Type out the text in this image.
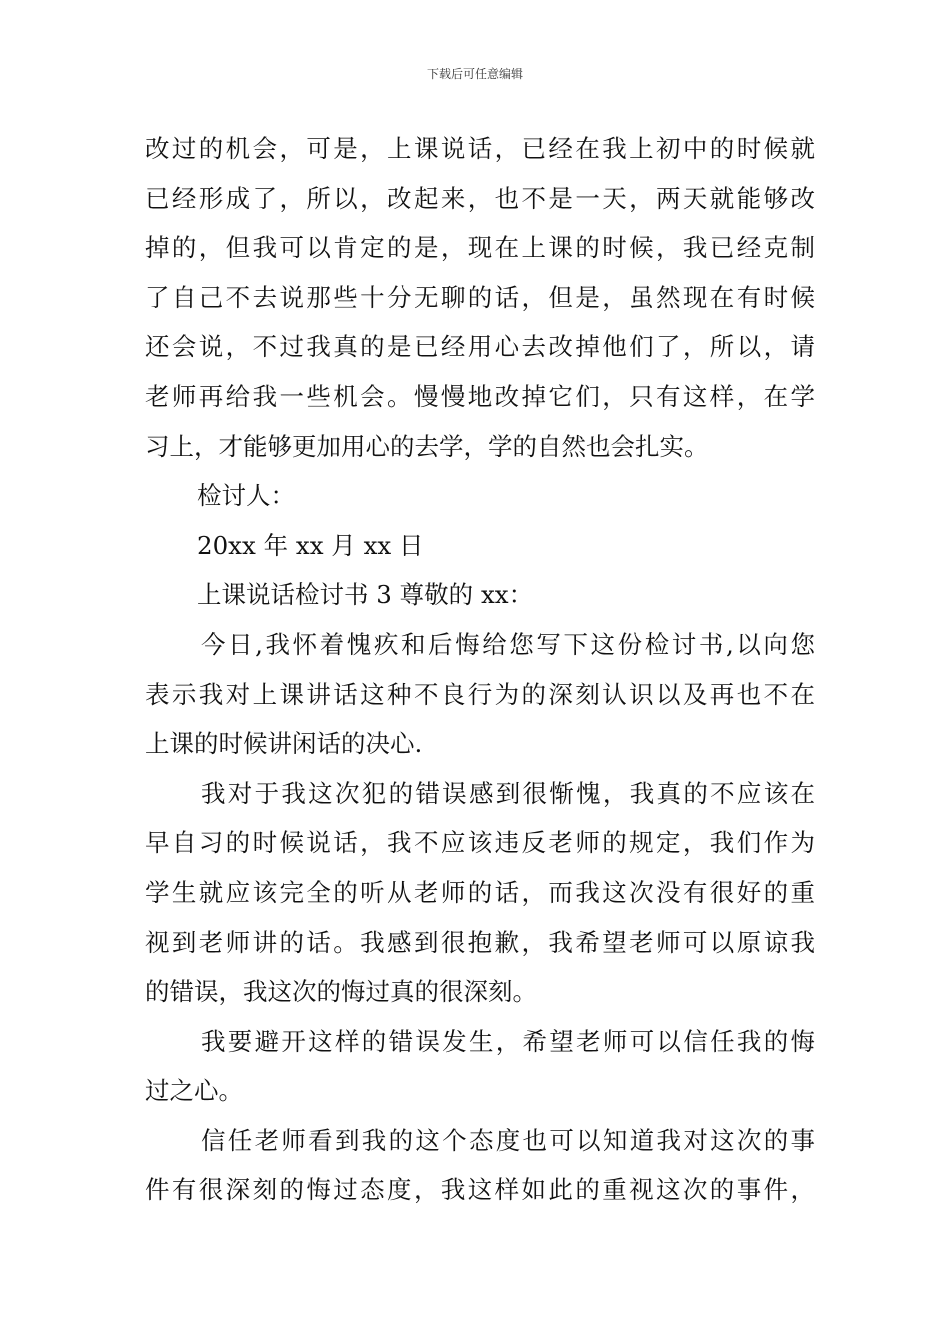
下载后可任意编辑
改过的机会，可是，上课说话，已经在我上初中的时候就
已经形成了，所以，改起来，也不是一天，两天就能够改
掉的，但我可以肯定的是，现在上课的时候，我已经克制
了自己不去说那些十分无聊的话，但是，虽然现在有时候
还会说，不过我真的是已经用心去改掉他们了，所以，请
老师再给我一些机会。慢慢地改掉它们，只有这样，在学
习上，才能够更加用心的去学，学的自然也会扎实。
检讨人：
20xx 年 xx 月 xx 日
上课说话检讨书 3 尊敬的 xx：
今日,我怀着愧疚和后悔给您写下这份检讨书,以向您
表示我对上课讲话这种不良行为的深刻认识以及再也不在
上课的时候讲闲话的决心.
我对于我这次犯的错误感到很惭愧，我真的不应该在
早自习的时候说话，我不应该违反老师的规定，我们作为
学生就应该完全的听从老师的话，而我这次没有很好的重
视到老师讲的话。我感到很抱歉，我希望老师可以原谅我
的错误，我这次的悔过真的很深刻。
我要避开这样的错误发生，希望老师可以信任我的悔
过之心。
信任老师看到我的这个态度也可以知道我对这次的事
件有很深刻的悔过态度，我这样如此的重视这次的事件，
